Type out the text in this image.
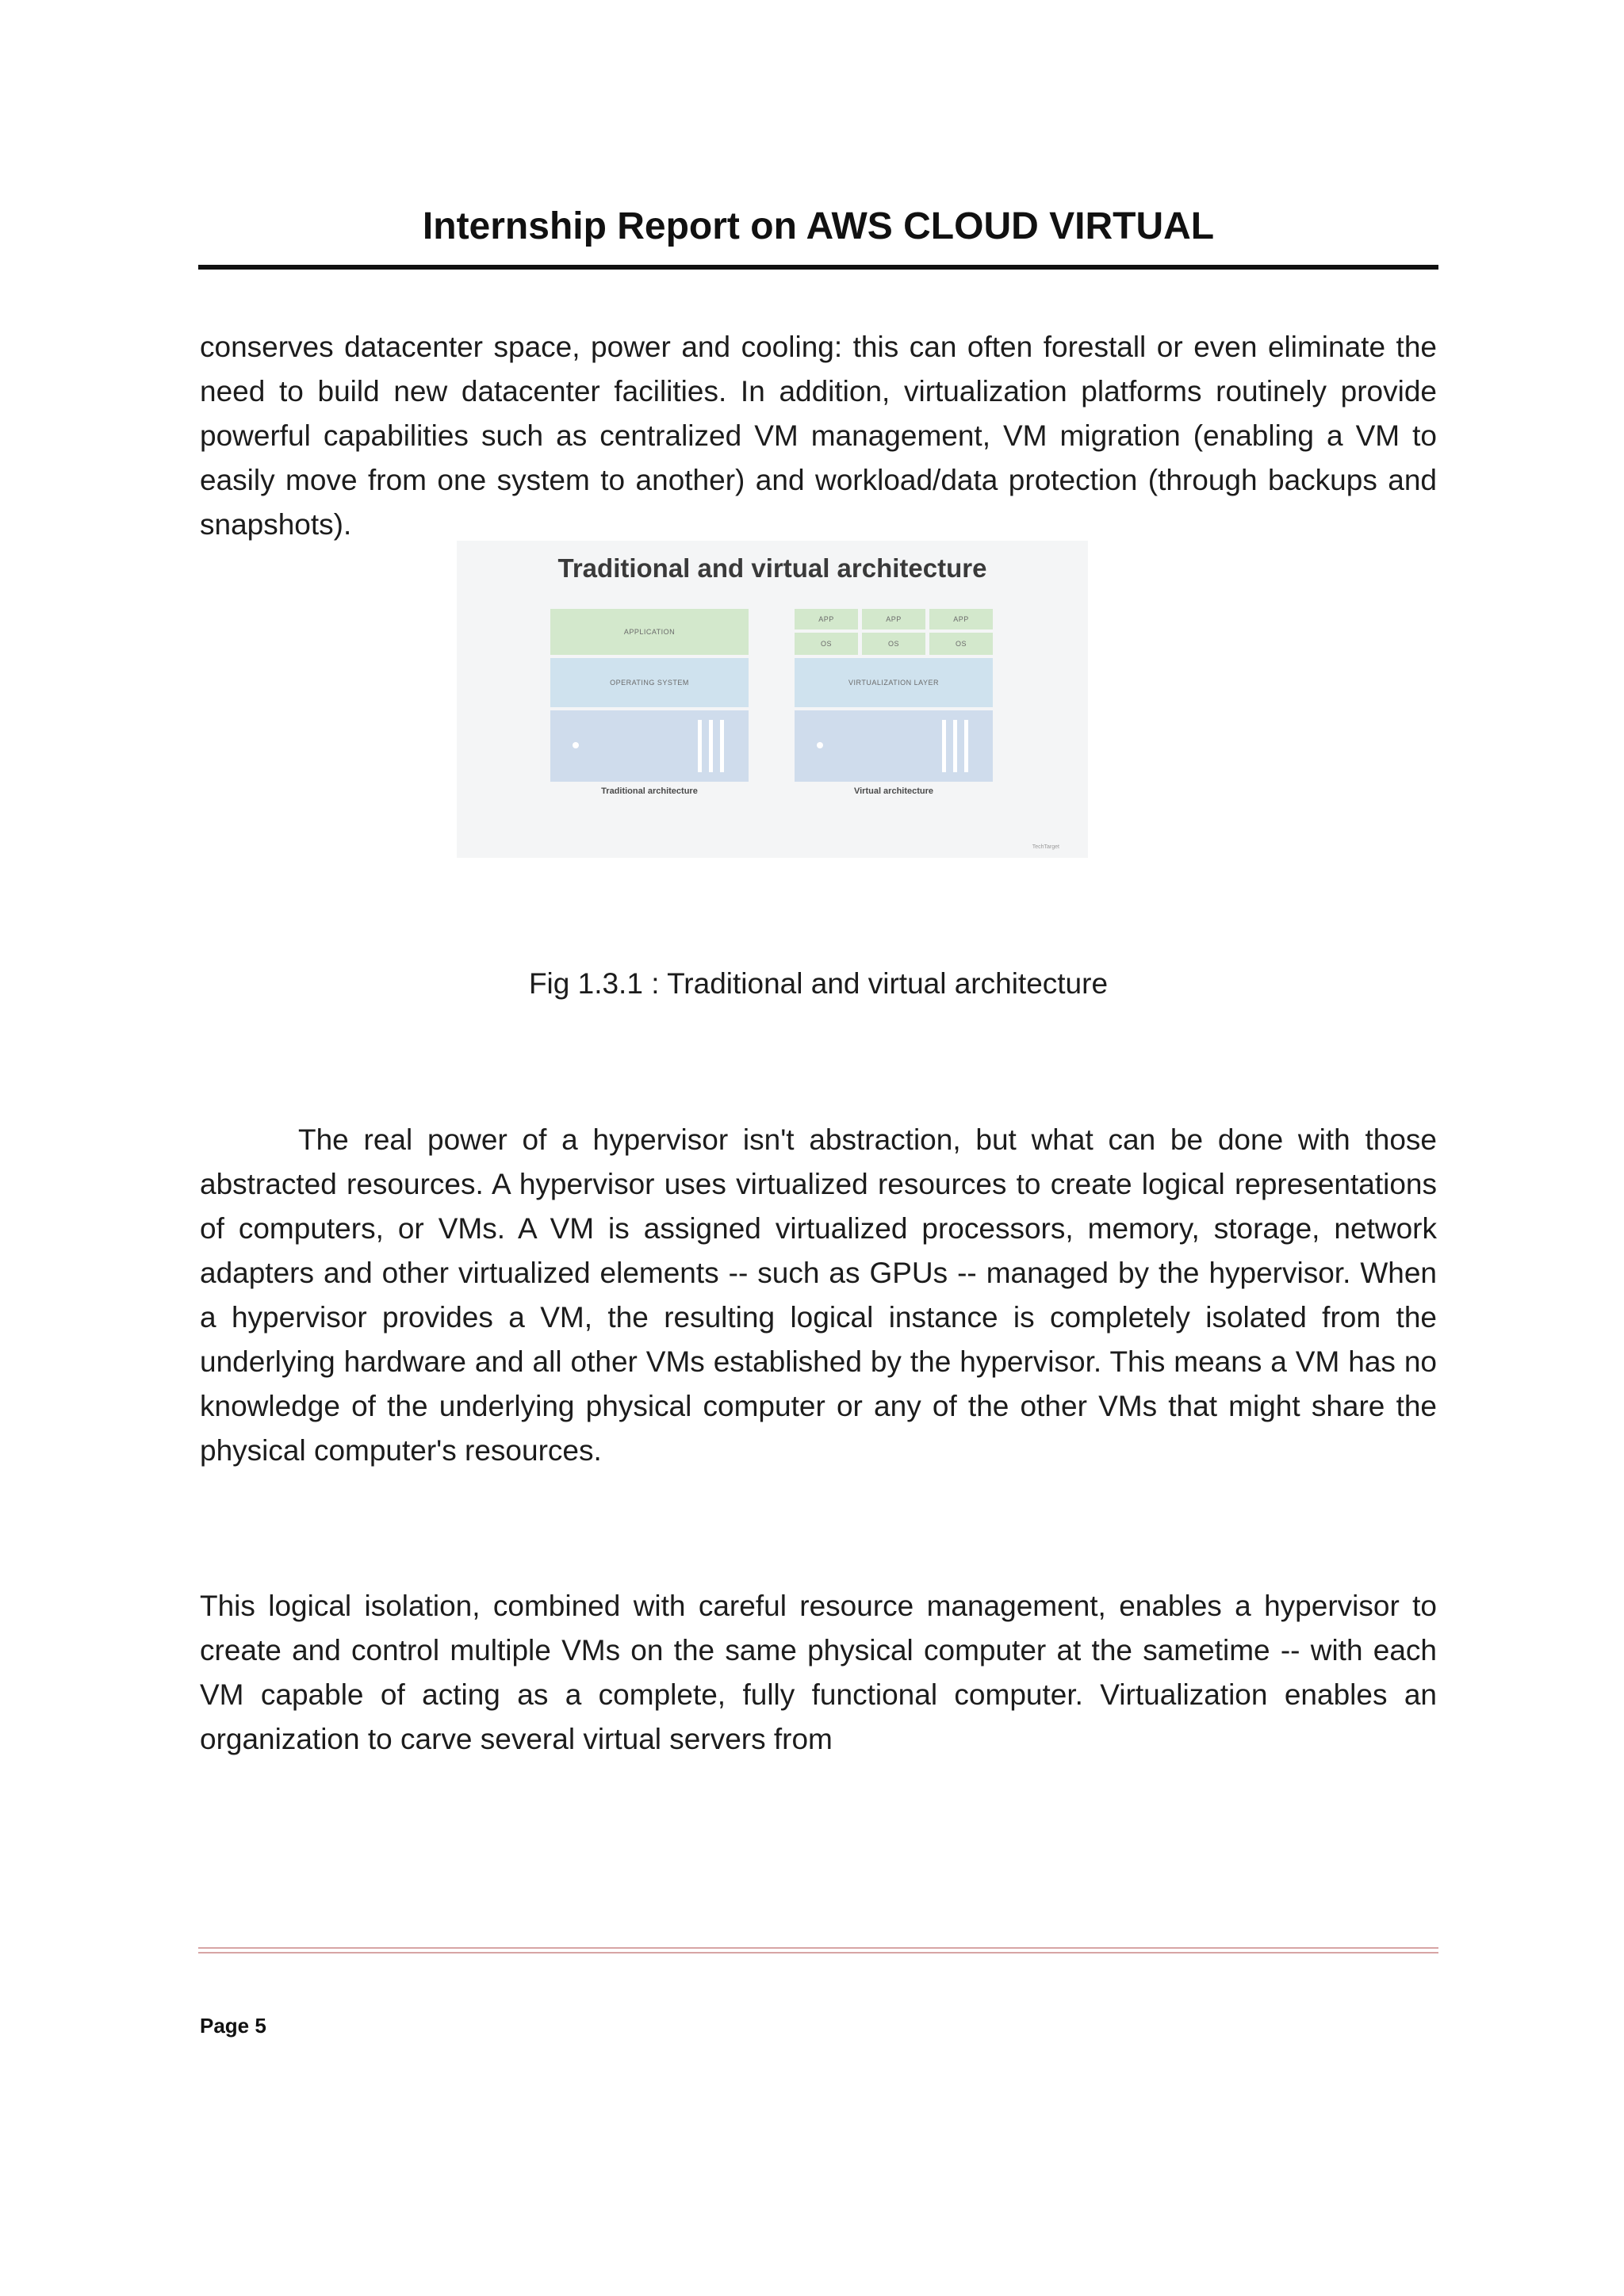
Internship Report on AWS CLOUD VIRTUAL

conserves datacenter space, power and cooling: this can often forestall or even eliminate the need to build new datacenter facilities. In addition, virtualization platforms routinely provide powerful capabilities such as centralized VM management, VM migration (enabling a VM to easily move from one system to another) and workload/data protection (through backups and snapshots).

Traditional and virtual architecture
APPLICATION
OPERATING SYSTEM
Traditional architecture
APP	APP	APP
OS	OS	OS
VIRTUALIZATION LAYER
Virtual architecture
TechTarget
Fig 1.3.1 : Traditional and virtual architecture

The real power of a hypervisor isn't abstraction, but what can be done with those abstracted resources. A hypervisor uses virtualized resources to create logical representations of computers, or VMs. A VM is assigned virtualized processors, memory, storage, network adapters and other virtualized elements -- such as GPUs -- managed by the hypervisor. When a hypervisor provides a VM, the resulting logical instance is completely isolated from the underlying hardware and all other VMs established by the hypervisor. This means a VM has no knowledge of the underlying physical computer or any of the other VMs that might share the physical computer's resources.

This logical isolation, combined with careful resource management, enables a hypervisor to create and control multiple VMs on the same physical computer at the sametime -- with each VM capable of acting as a complete, fully functional computer. Virtualization enables an organization to carve several virtual servers from

Page 5
